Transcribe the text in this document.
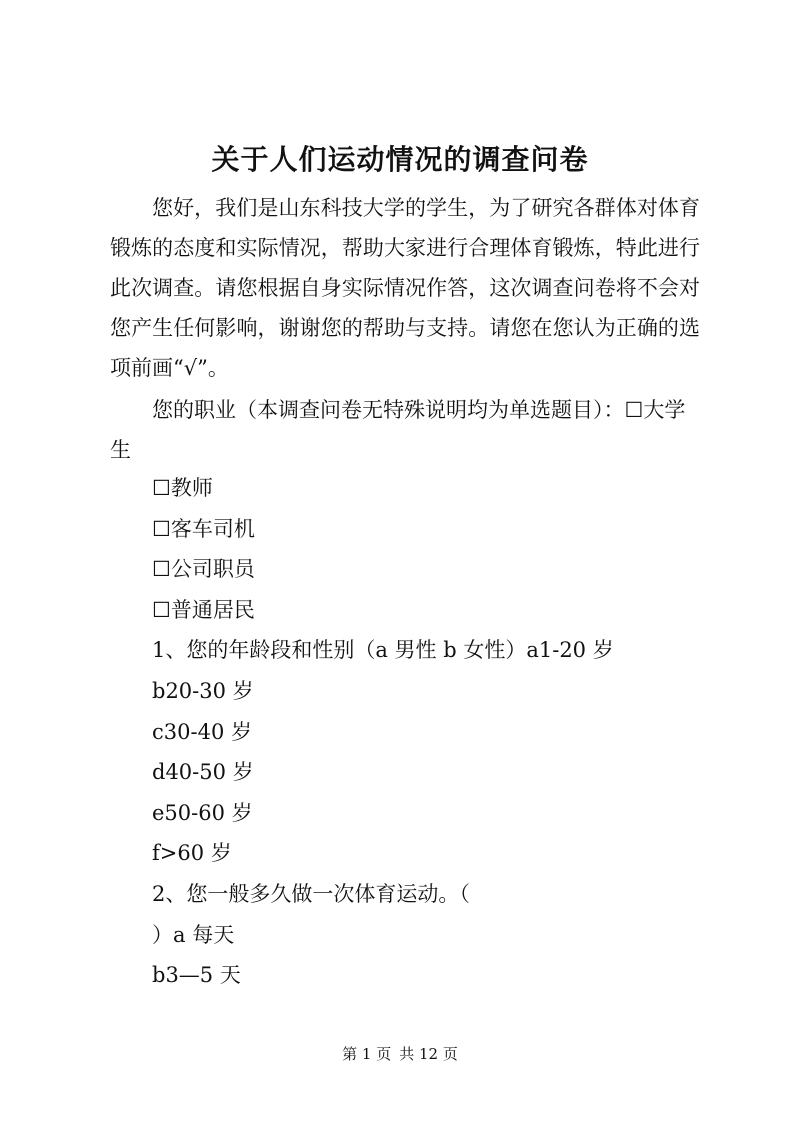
关于人们运动情况的调查问卷

您好，我们是山东科技大学的学生，为了研究各群体对体育锻炼的态度和实际情况，帮助大家进行合理体育锻炼，特此进行此次调查。请您根据自身实际情况作答，这次调查问卷将不会对您产生任何影响，谢谢您的帮助与支持。请您在您认为正确的选项前画“√”。

您的职业（本调查问卷无特殊说明均为单选题目）：☐大学生

☐教师
☐客车司机
☐公司职员
☐普通居民
1、您的年龄段和性别（a 男性 b 女性）a1-20 岁
b20-30 岁
c30-40 岁
d40-50 岁
e50-60 岁
f>60 岁
2、您一般多久做一次体育运动。（
）a 每天
b3—5 天
第 1 页 共 12 页
